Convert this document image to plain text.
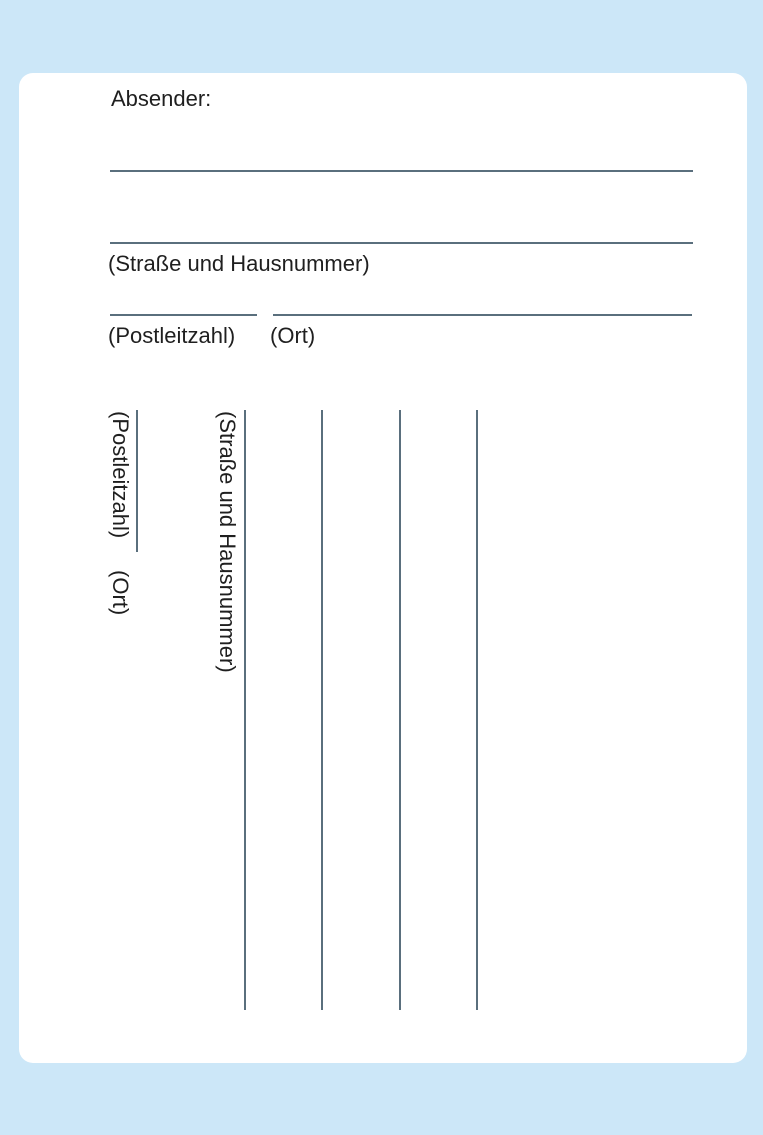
Absender:
(Straße und Hausnummer)
(Postleitzahl) (Ort)
(Postleitzahl)
(Ort)	(Straße und Hausnummer)
